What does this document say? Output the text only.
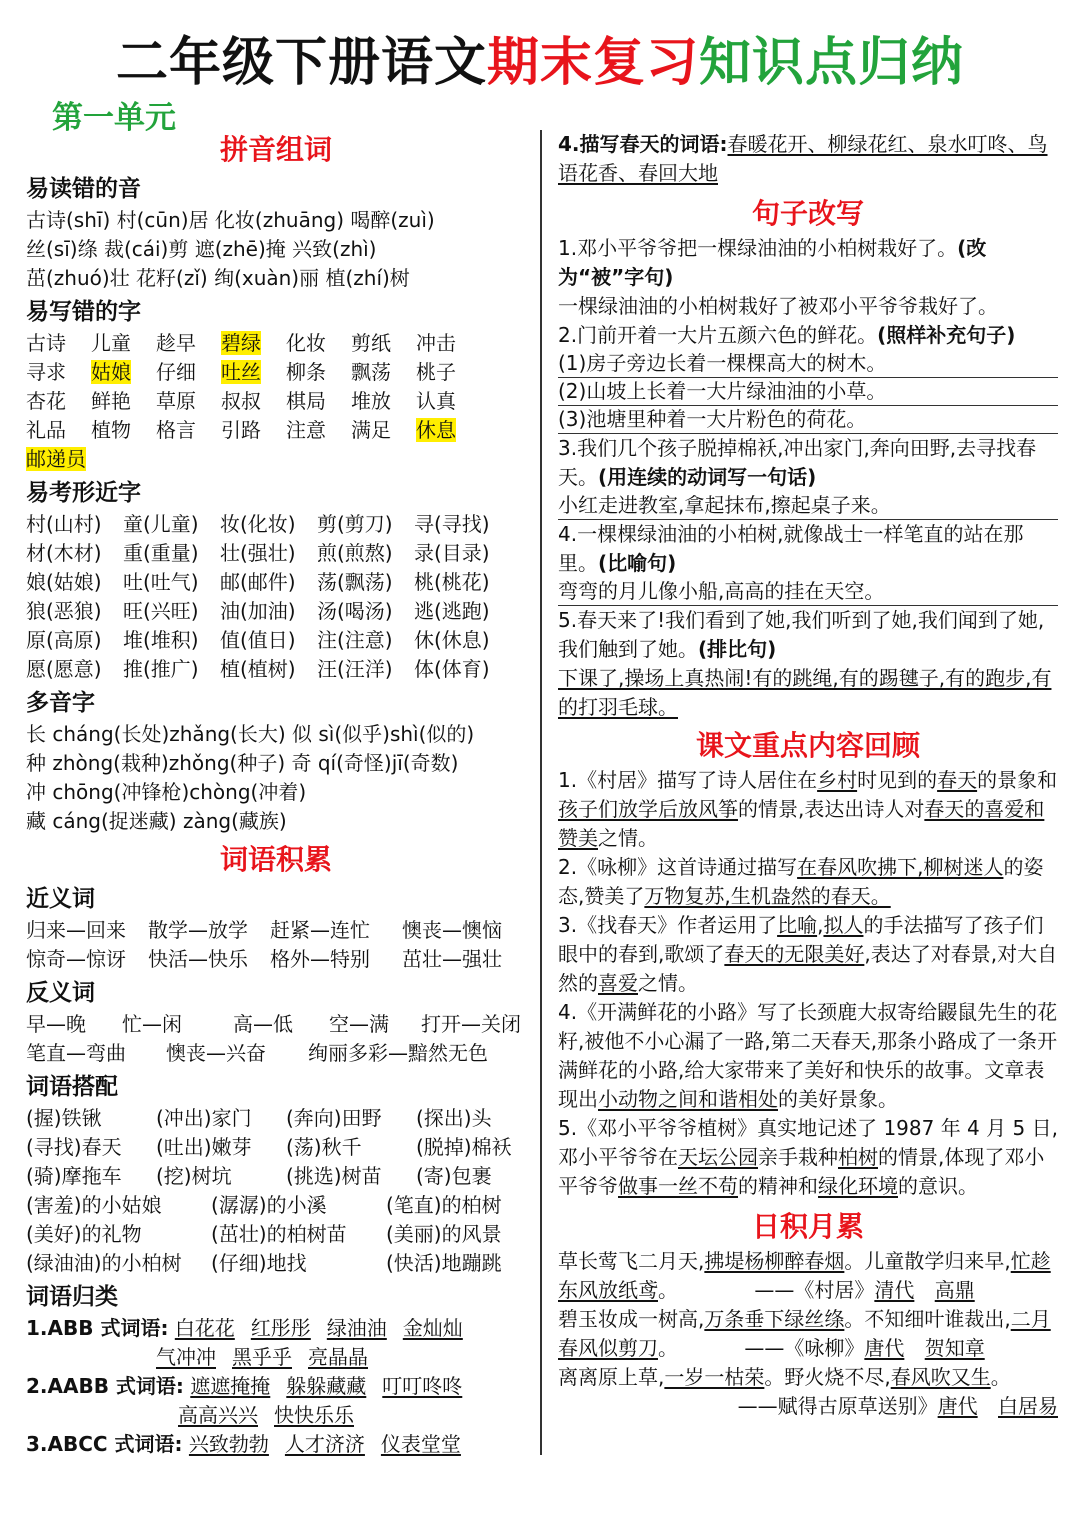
二年级下册语文期末复习知识点归纳
第一单元
拼音组词
易读错的音
古诗(shī) 村(cūn)居 化妆(zhuāng) 喝醉(zuì)
丝(sī)绦 裁(cái)剪 遮(zhē)掩 兴致(zhì)
茁(zhuó)壮 花籽(zǐ) 绚(xuàn)丽 植(zhí)树
易写错的字
古诗	儿童	趁早	碧绿	化妆	剪纸	冲击
寻求	姑娘	仔细	吐丝	柳条	飘荡	桃子
杏花	鲜艳	草原	叔叔	棋局	堆放	认真
礼品	植物	格言	引路	注意	满足	休息
邮递员
易考形近字
村(山村)	童(儿童)	妆(化妆)	剪(剪刀)	寻(寻找)
材(木材)	重(重量)	壮(强壮)	煎(煎熬)	录(目录)
娘(姑娘)	吐(吐气)	邮(邮件)	荡(飘荡)	桃(桃花)
狼(恶狼)	旺(兴旺)	油(加油)	汤(喝汤)	逃(逃跑)
原(高原)	堆(堆积)	值(值日)	注(注意)	休(休息)
愿(愿意)	推(推广)	植(植树)	汪(汪洋)	体(体育)
多音字
长 cháng(长处)zhǎng(长大) 似 sì(似乎)shì(似的)
种 zhòng(栽种)zhǒng(种子) 奇 qí(奇怪)jī(奇数)
冲 chōng(冲锋枪)chòng(冲着)
藏 cáng(捉迷藏) zàng(藏族)
词语积累
近义词
归来—回来	散学—放学	赶紧—连忙	懊丧—懊恼
惊奇—惊讶	快活—快乐	格外—特别	茁壮—强壮
反义词
早—晚	忙—闲	高—低	空—满	打开—关闭
笔直—弯曲	懊丧—兴奋	绚丽多彩—黯然无色
词语搭配
(握)铁锹	(冲出)家门	(奔向)田野	(探出)头
(寻找)春天	(吐出)嫩芽	(荡)秋千	(脱掉)棉袄
(骑)摩拖车	(挖)树坑	(挑选)树苗	(寄)包裹
(害羞)的小姑娘	(潺潺)的小溪	(笔直)的柏树
(美好)的礼物	(茁壮)的柏树苗	(美丽)的风景
(绿油油)的小柏树	(仔细)地找	(快活)地蹦跳
词语归类
1.ABB 式词语: 白花花 红彤彤 绿油油 金灿灿
气冲冲 黑乎乎 亮晶晶
2.AABB 式词语: 遮遮掩掩 躲躲藏藏 叮叮咚咚
高高兴兴 快快乐乐
3.ABCC 式词语: 兴致勃勃 人才济济 仪表堂堂
4.描写春天的词语:春暖花开、柳绿花红、泉水叮咚、鸟语花香、春回大地
句子改写
1.邓小平爷爷把一棵绿油油的小柏树栽好了。(改为“被”字句)
一棵绿油油的小柏树栽好了被邓小平爷爷栽好了。
2.门前开着一大片五颜六色的鲜花。(照样补充句子)
(1)房子旁边长着一棵棵高大的树木。
(2)山坡上长着一大片绿油油的小草。
(3)池塘里种着一大片粉色的荷花。
3.我们几个孩子脱掉棉袄,冲出家门,奔向田野,去寻找春天。(用连续的动词写一句话)
小红走进教室,拿起抹布,擦起桌子来。
4.一棵棵绿油油的小柏树,就像战士一样笔直的站在那里。(比喻句)
弯弯的月儿像小船,高高的挂在天空。
5.春天来了!我们看到了她,我们听到了她,我们闻到了她,我们触到了她。(排比句)
下课了,操场上真热闹!有的跳绳,有的踢毽子,有的跑步,有的打羽毛球。
课文重点内容回顾
1.《村居》描写了诗人居住在乡村时见到的春天的景象和孩子们放学后放风筝的情景,表达出诗人对春天的喜爱和赞美之情。
2.《咏柳》这首诗通过描写在春风吹拂下,柳树迷人的姿态,赞美了万物复苏,生机盎然的春天。
3.《找春天》作者运用了比喻,拟人的手法描写了孩子们眼中的春到,歌颂了春天的无限美好,表达了对春景,对大自然的喜爱之情。
4.《开满鲜花的小路》写了长颈鹿大叔寄给鼹鼠先生的花籽,被他不小心漏了一路,第二天春天,那条小路成了一条开满鲜花的小路,给大家带来了美好和快乐的故事。文章表现出小动物之间和谐相处的美好景象。
5.《邓小平爷爷植树》真实地记述了 1987 年 4 月 5 日,邓小平爷爷在天坛公园亲手栽种柏树的情景,体现了邓小平爷爷做事一丝不苟的精神和绿化环境的意识。
日积月累
草长莺飞二月天,拂堤杨柳醉春烟。儿童散学归来早,忙趁东风放纸鸢。	——《村居》清代 高鼎
碧玉妆成一树高,万条垂下绿丝绦。不知细叶谁裁出,二月春风似剪刀。	——《咏柳》唐代 贺知章
离离原上草,一岁一枯荣。野火烧不尽,春风吹又生。
——赋得古原草送别》唐代 白居易
